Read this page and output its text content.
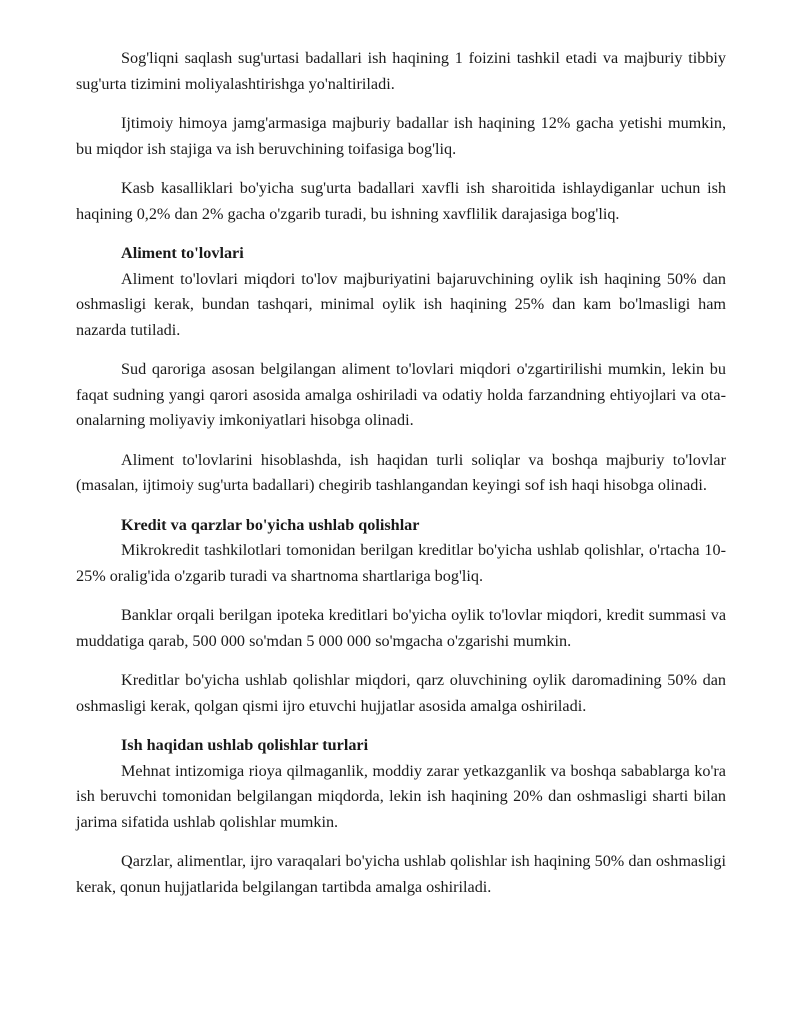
Sog'liqni saqlash sug'urtasi badallari ish haqining 1 foizini tashkil etadi va majburiy tibbiy sug'urta tizimini moliyalashtirishga yo'naltiriladi.

Ijtimoiy himoya jamg'armasiga majburiy badallar ish haqining 12% gacha yetishi mumkin, bu miqdor ish stajiga va ish beruvchining toifasiga bog'liq.

Kasb kasalliklari bo'yicha sug'urta badallari xavfli ish sharoitida ishlaydiganlar uchun ish haqining 0,2% dan 2% gacha o'zgarib turadi, bu ishning xavflilik darajasiga bog'liq.

Aliment to'lovlari

Aliment to'lovlari miqdori to'lov majburiyatini bajaruvchining oylik ish haqining 50% dan oshmasligi kerak, bundan tashqari, minimal oylik ish haqining 25% dan kam bo'lmasligi ham nazarda tutiladi.

Sud qaroriga asosan belgilangan aliment to'lovlari miqdori o'zgartirilishi mumkin, lekin bu faqat sudning yangi qarori asosida amalga oshiriladi va odatiy holda farzandning ehtiyojlari va ota-onalarning moliyaviy imkoniyatlari hisobga olinadi.

Aliment to'lovlarini hisoblashda, ish haqidan turli soliqlar va boshqa majburiy to'lovlar (masalan, ijtimoiy sug'urta badallari) chegirib tashlangandan keyingi sof ish haqi hisobga olinadi.

Kredit va qarzlar bo'yicha ushlab qolishlar

Mikrokredit tashkilotlari tomonidan berilgan kreditlar bo'yicha ushlab qolishlar, o'rtacha 10-25% oralig'ida o'zgarib turadi va shartnoma shartlariga bog'liq.

Banklar orqali berilgan ipoteka kreditlari bo'yicha oylik to'lovlar miqdori, kredit summasi va muddatiga qarab, 500 000 so'mdan 5 000 000 so'mgacha o'zgarishi mumkin.

Kreditlar bo'yicha ushlab qolishlar miqdori, qarz oluvchining oylik daromadining 50% dan oshmasligi kerak, qolgan qismi ijro etuvchi hujjatlar asosida amalga oshiriladi.

Ish haqidan ushlab qolishlar turlari

Mehnat intizomiga rioya qilmaganlik, moddiy zarar yetkazganlik va boshqa sabablarga ko'ra ish beruvchi tomonidan belgilangan miqdorda, lekin ish haqining 20% dan oshmasligi sharti bilan jarima sifatida ushlab qolishlar mumkin.

Qarzlar, alimentlar, ijro varaqalari bo'yicha ushlab qolishlar ish haqining 50% dan oshmasligi kerak, qonun hujjatlarida belgilangan tartibda amalga oshiriladi.
